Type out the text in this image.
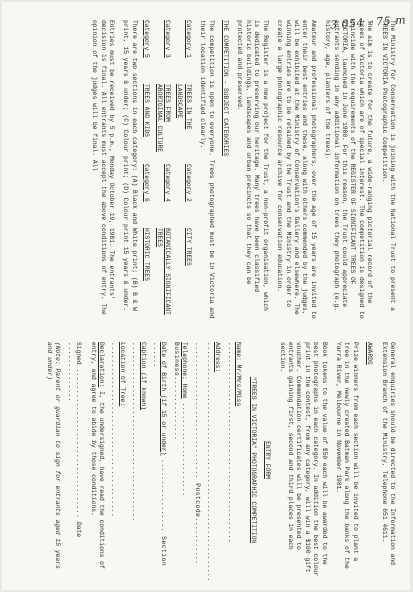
3 054 - 75 m

The Ministry for Conservation is joining with the National Trust to present a TREES IN VICTORIA Photographic Competition.

The aim is to create for the future, a wide-ranging pictorial record of the trees of Victoria which are of special interest. The competition is designed to coincide with the requirements of the REGISTER OF SIGNIFICANT TREES OF VICTORIA, launched in June 1980. For this reason, the Trust could appreciate entrants sending in any additional information on trees they photograph (e.g. history, age, planters of the trees).

Amateur and professional photographers, over the age of 15 years are invited to enter their best entries and these, along with others commended by the judges, will be exhibited at the Ministry of Conservation's Gallery and elsewhere. The winning entries are to be retained by the Trust and the Ministry in order to create a large photographic resource archive for conservation education.

The Register is a new project for the Trust, a non-profit organisation, which is dedicated to preserving our heritage. Many trees have been classified historic buildings, landscapes and urban precincts so that they can be protected and preserved.

THE COMPETITION - SUBJECT CATEGORIES

The competition is open to everyone. Trees photographed must be in Victoria and their location identified clearly.

Category 1
TREES IN THE LANDSCAPE
Category 2
CITY TREES
Category 3
TREES FROM ABORIGINAL CULTURE
Category 4
BOTANICALLY SIGNIFICANT TREES
Category 5
TREES AND KIDS
Category 6
HISTORIC TREES

There are two sections in each category: (A) Black and White print; (B) B & W print, 15 years & under; (C) Colour print; (D) Colour print 15 years & under.

Entries must be received by 5 p.m., Monday October 19, 1981. The entrants' decision is final. All entrants must accept the above conditions of entry. The opinion of the judges will be final. All

General enquiries should be directed to the Information and Extension Branch of the Ministry, Telephone 651 4611.

AWARDS

Prize winners from each section will be invited to plant a tree in the newly created Batman Park along the banks of the Yarra River, Melbourne in November 1981.

Book tokens to the value of $50 each will be awarded to the best photographs in each category. In addition the best colour print in the contest, from any category, will win a $100 gift voucher. Commendation certificates will be presented to entrants gaining first, second and third places in each section.

ENTRY FORM

"TREES IN VICTORIA" PHOTOGRAPHIC COMPETITION

Name: Mr/Mrs/Miss ...............................................
Address: ........................................................
................................ Postcode...........
Telephone: Home ...................... Business...............
Date of Birth (if 15 or under) ................. Section ......
Caption (if known) ..........................................
Location of Tree: .........................................

Declaration: I, the undersigned, have read the conditions of entry, and agree to abide by those conditions.

Signed ................................... Date ..............

(Note: Parent or guardian to sign for entrants aged 15 years and under)
